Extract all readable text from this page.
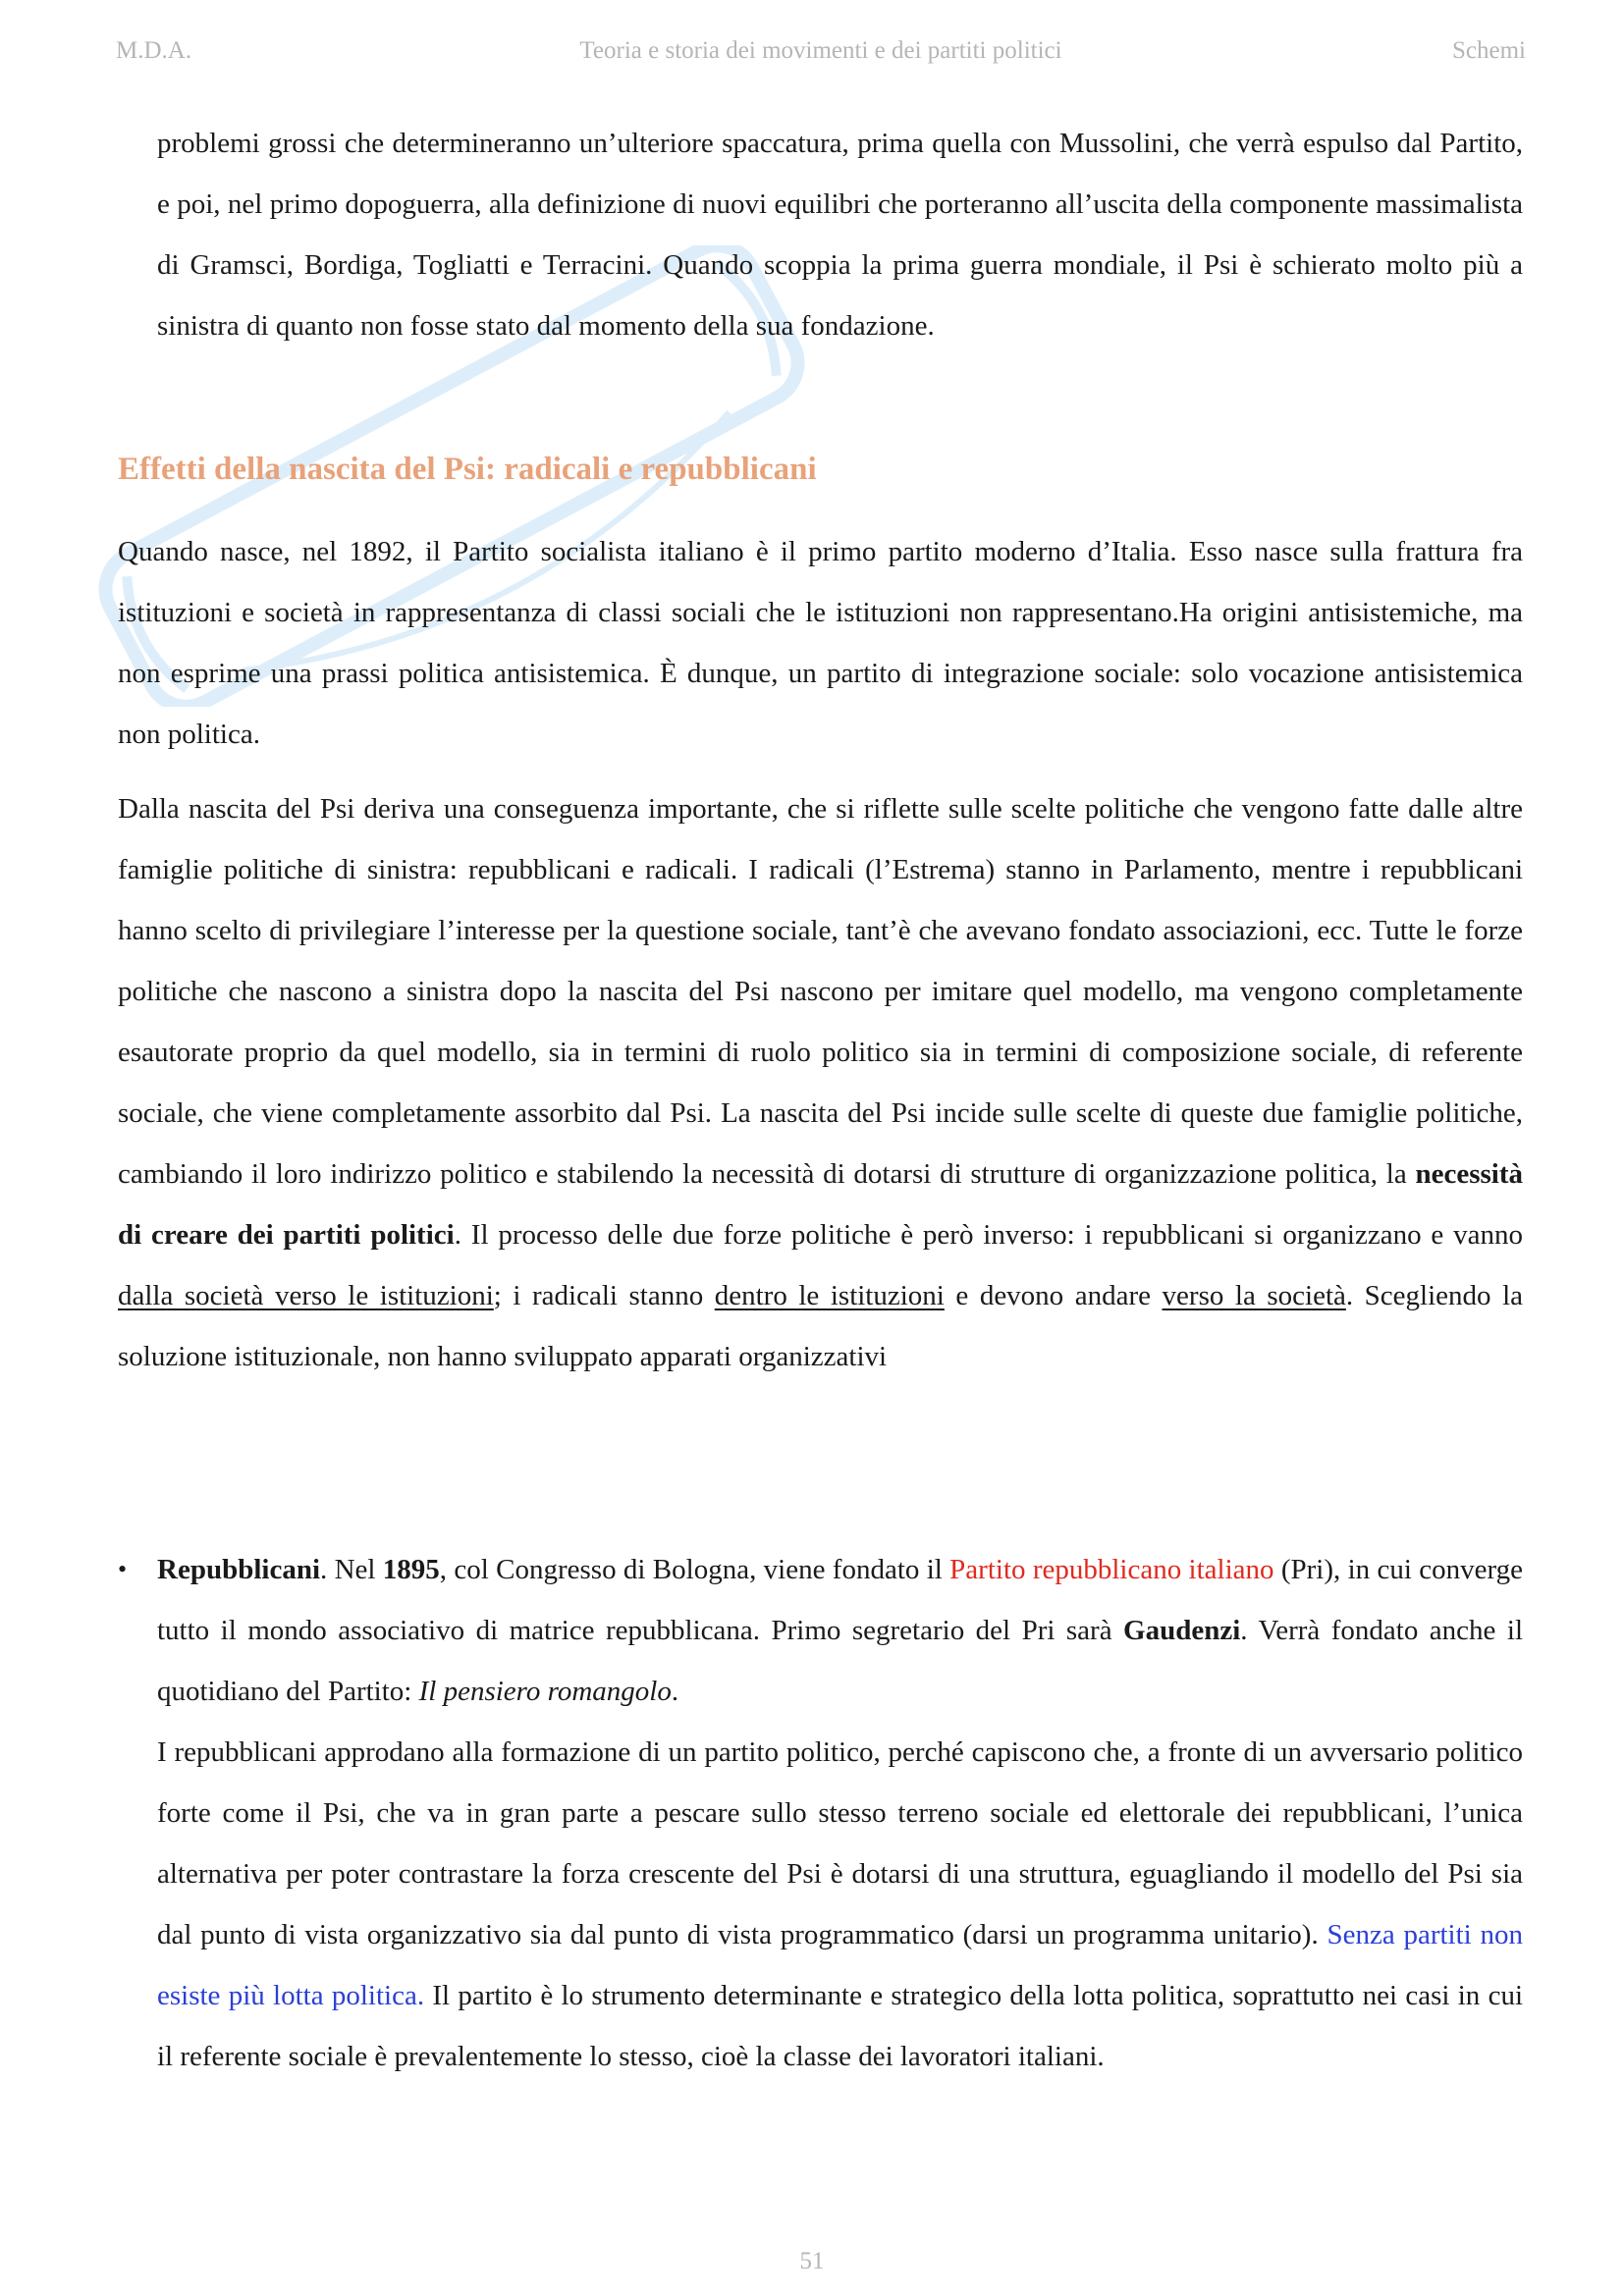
M.D.A.	Teoria e storia dei movimenti e dei partiti politici	Schemi

problemi grossi che determineranno un’ulteriore spaccatura, prima quella con Mussolini, che verrà espulso dal Partito, e poi, nel primo dopoguerra, alla definizione di nuovi equilibri che porteranno all’uscita della componente massimalista di Gramsci, Bordiga, Togliatti e Terracini. Quando scoppia la prima guerra mondiale, il Psi è schierato molto più a sinistra di quanto non fosse stato dal momento della sua fondazione.

Effetti della nascita del Psi: radicali e repubblicani

Quando nasce, nel 1892, il Partito socialista italiano è il primo partito moderno d’Italia. Esso nasce sulla frattura fra istituzioni e società in rappresentanza di classi sociali che le istituzioni non rappresentano.Ha origini antisistemiche, ma non esprime una prassi politica antisistemica. È dunque, un partito di integrazione sociale: solo vocazione antisistemica non politica.

Dalla nascita del Psi deriva una conseguenza importante, che si riflette sulle scelte politiche che vengono fatte dalle altre famiglie politiche di sinistra: repubblicani e radicali. I radicali (l’Estrema) stanno in Parlamento, mentre i repubblicani hanno scelto di privilegiare l’interesse per la questione sociale, tant’è che avevano fondato associazioni, ecc. Tutte le forze politiche che nascono a sinistra dopo la nascita del Psi nascono per imitare quel modello, ma vengono completamente esautorate proprio da quel modello, sia in termini di ruolo politico sia in termini di composizione sociale, di referente sociale, che viene completamente assorbito dal Psi. La nascita del Psi incide sulle scelte di queste due famiglie politiche, cambiando il loro indirizzo politico e stabilendo la necessità di dotarsi di strutture di organizzazione politica, la necessità di creare dei partiti politici. Il processo delle due forze politiche è però inverso: i repubblicani si organizzano e vanno dalla società verso le istituzioni; i radicali stanno dentro le istituzioni e devono andare verso la società. Scegliendo la soluzione istituzionale, non hanno sviluppato apparati organizzativi

• Repubblicani. Nel 1895, col Congresso di Bologna, viene fondato il Partito repubblicano italiano (Pri), in cui converge tutto il mondo associativo di matrice repubblicana. Primo segretario del Pri sarà Gaudenzi. Verrà fondato anche il quotidiano del Partito: Il pensiero romangolo.

I repubblicani approdano alla formazione di un partito politico, perché capiscono che, a fronte di un avversario politico forte come il Psi, che va in gran parte a pescare sullo stesso terreno sociale ed elettorale dei repubblicani, l’unica alternativa per poter contrastare la forza crescente del Psi è dotarsi di una struttura, eguagliando il modello del Psi sia dal punto di vista organizzativo sia dal punto di vista programmatico (darsi un programma unitario). Senza partiti non esiste più lotta politica. Il partito è lo strumento determinante e strategico della lotta politica, soprattutto nei casi in cui il referente sociale è prevalentemente lo stesso, cioè la classe dei lavoratori italiani.

51
